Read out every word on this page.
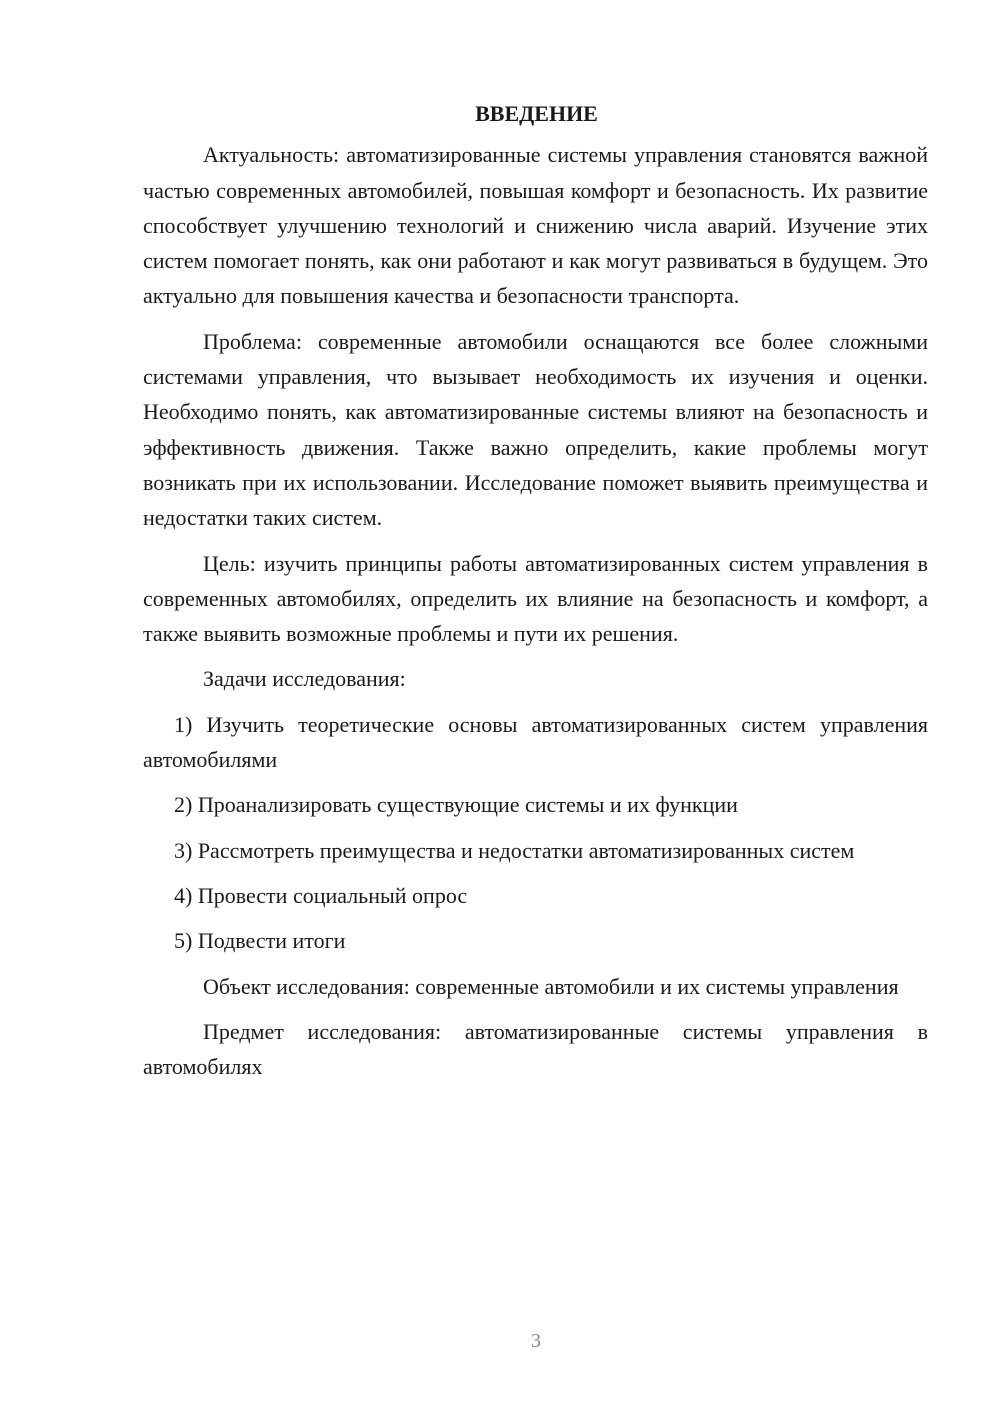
ВВЕДЕНИЕ

Актуальность: автоматизированные системы управления становятся важной частью современных автомобилей, повышая комфорт и безопасность. Их развитие способствует улучшению технологий и снижению числа аварий. Изучение этих систем помогает понять, как они работают и как могут развиваться в будущем. Это актуально для повышения качества и безопасности транспорта.

Проблема: современные автомобили оснащаются все более сложными системами управления, что вызывает необходимость их изучения и оценки. Необходимо понять, как автоматизированные системы влияют на безопасность и эффективность движения. Также важно определить, какие проблемы могут возникать при их использовании. Исследование поможет выявить преимущества и недостатки таких систем.

Цель: изучить принципы работы автоматизированных систем управления в современных автомобилях, определить их влияние на безопасность и комфорт, а также выявить возможные проблемы и пути их решения.

Задачи исследования:

1) Изучить теоретические основы автоматизированных систем управления автомобилями

2) Проанализировать существующие системы и их функции

3) Рассмотреть преимущества и недостатки автоматизированных систем

4) Провести социальный опрос

5) Подвести итоги

Объект исследования: современные автомобили и их системы управления

Предмет исследования: автоматизированные системы управления в автомобилях

3
